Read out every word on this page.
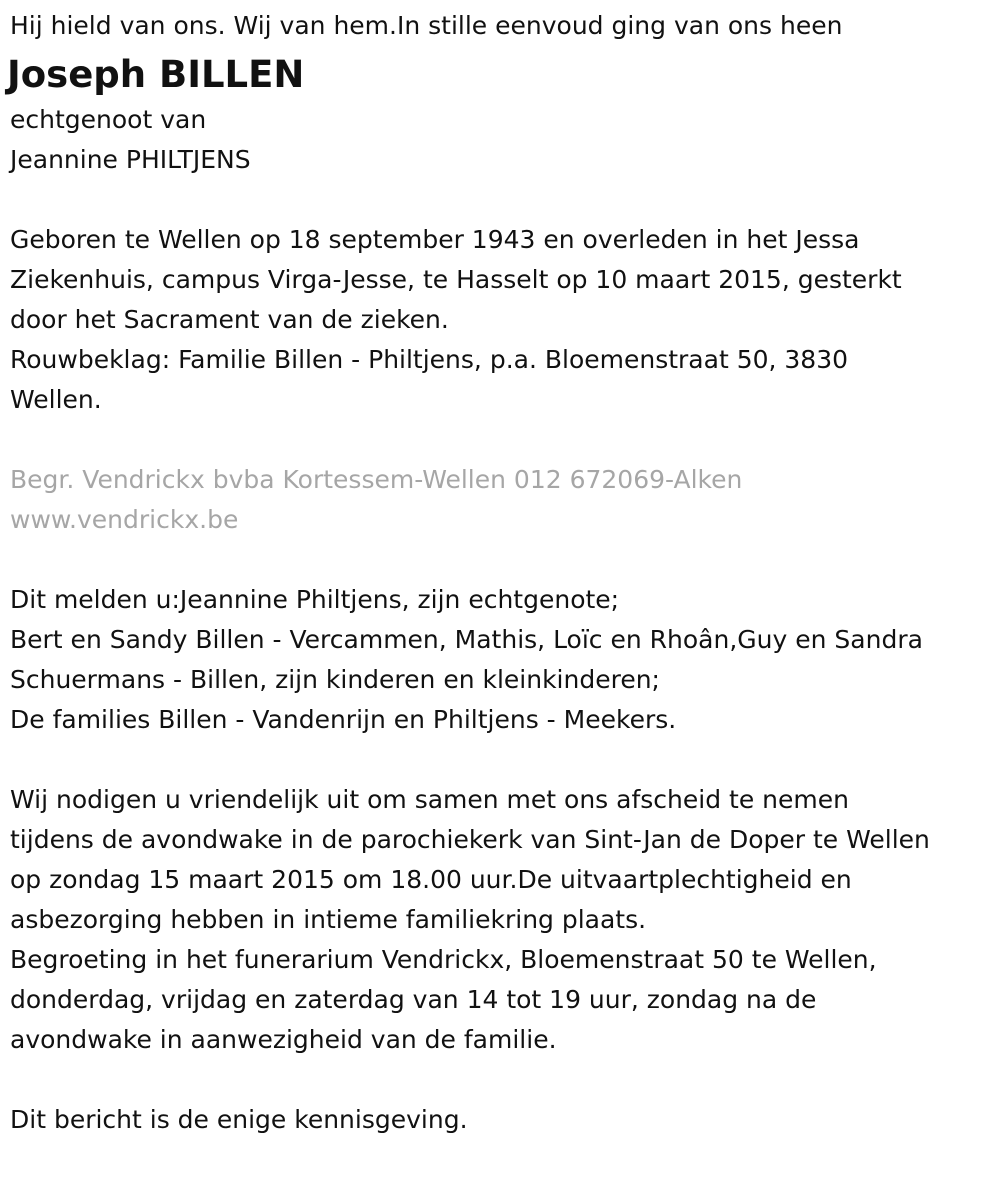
Hij hield van ons. Wij van hem.In stille eenvoud ging van ons heen

Joseph BILLEN

echtgenoot van

Jeannine PHILTJENS

Geboren te Wellen op 18 september 1943 en overleden in het Jessa

Ziekenhuis, campus Virga-Jesse, te Hasselt op 10 maart 2015, gesterkt

door het Sacrament van de zieken.

Rouwbeklag: Familie Billen - Philtjens, p.a. Bloemenstraat 50, 3830

Wellen.

Begr. Vendrickx bvba Kortessem-Wellen 012 672069-Alken

www.vendrickx.be

Dit melden u:Jeannine Philtjens, zijn echtgenote;

Bert en Sandy Billen - Vercammen, Mathis, Loïc en Rhoân,Guy en Sandra

Schuermans - Billen, zijn kinderen en kleinkinderen;

De families Billen - Vandenrijn en Philtjens - Meekers.

Wij nodigen u vriendelijk uit om samen met ons afscheid te nemen

tijdens de avondwake in de parochiekerk van Sint-Jan de Doper te Wellen

op zondag 15 maart 2015 om 18.00 uur.De uitvaartplechtigheid en

asbezorging hebben in intieme familiekring plaats.

Begroeting in het funerarium Vendrickx, Bloemenstraat 50 te Wellen,

donderdag, vrijdag en zaterdag van 14 tot 19 uur, zondag na de

avondwake in aanwezigheid van de familie.

Dit bericht is de enige kennisgeving.
